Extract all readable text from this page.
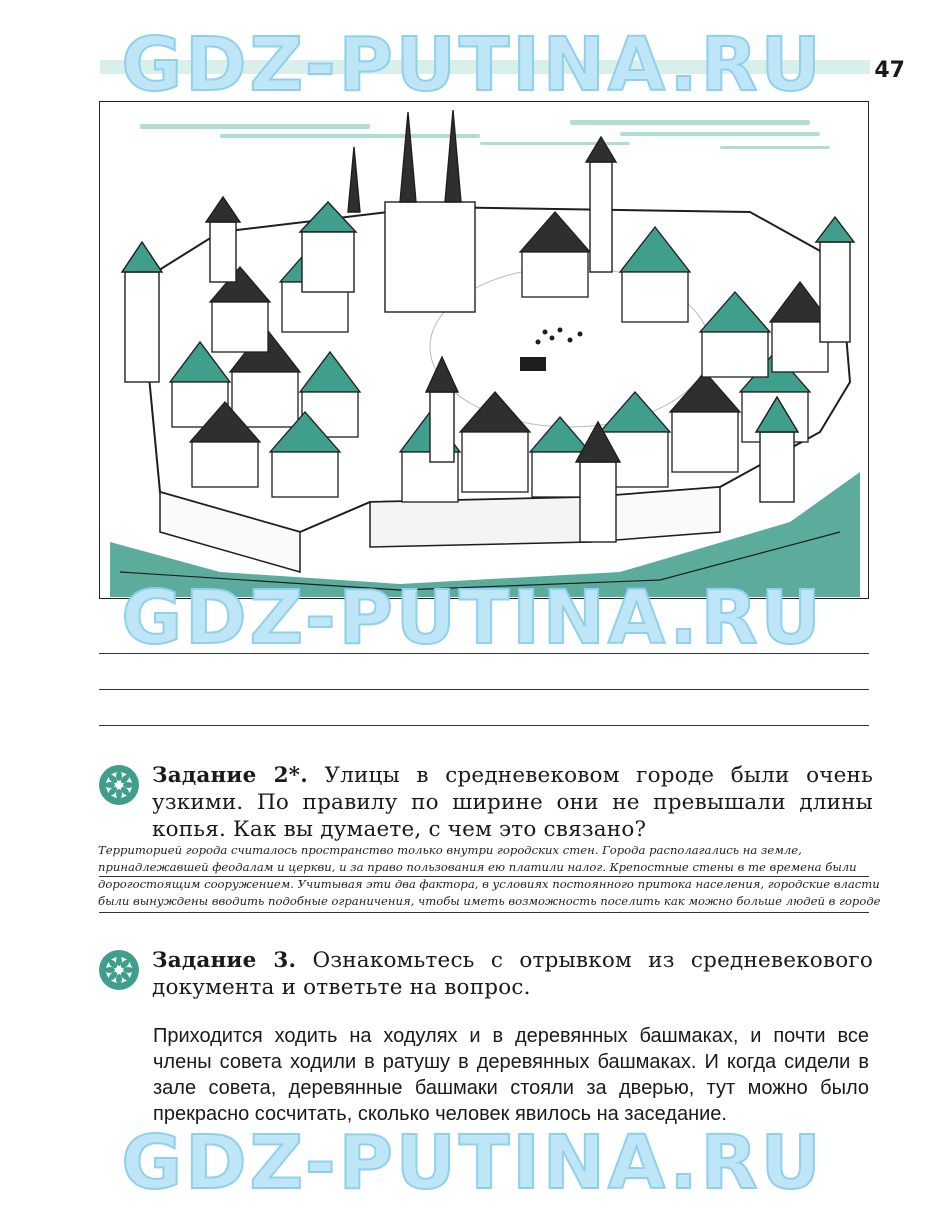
GDZ-PUTINA.RU
GDZ-PUTINA.RU
GDZ-PUTINA.RU
47
Задание 2*. Улицы в средневековом городе были очень узкими. По правилу по ширине они не превышали длины копья. Как вы думаете, с чем это связано?
Территорией города считалось пространство только внутри городских стен. Города располагались на земле,
принадлежавшей феодалам и церкви, и за право пользования ею платили налог. Крепостные стены в те времена были
дорогостоящим сооружением. Учитывая эти два фактора, в условиях постоянного притока населения, городские власти
были вынуждены вводить подобные ограничения, чтобы иметь возможность поселить как можно больше людей в городе
Задание 3. Ознакомьтесь с отрывком из средневекового документа и ответьте на вопрос.
Приходится ходить на ходулях и в деревянных башмаках, и почти все члены совета ходили в ратушу в деревянных башмаках. И когда сидели в зале совета, деревянные башмаки стояли за дверью, тут можно было прекрасно сосчитать, сколько человек явилось на заседание.
